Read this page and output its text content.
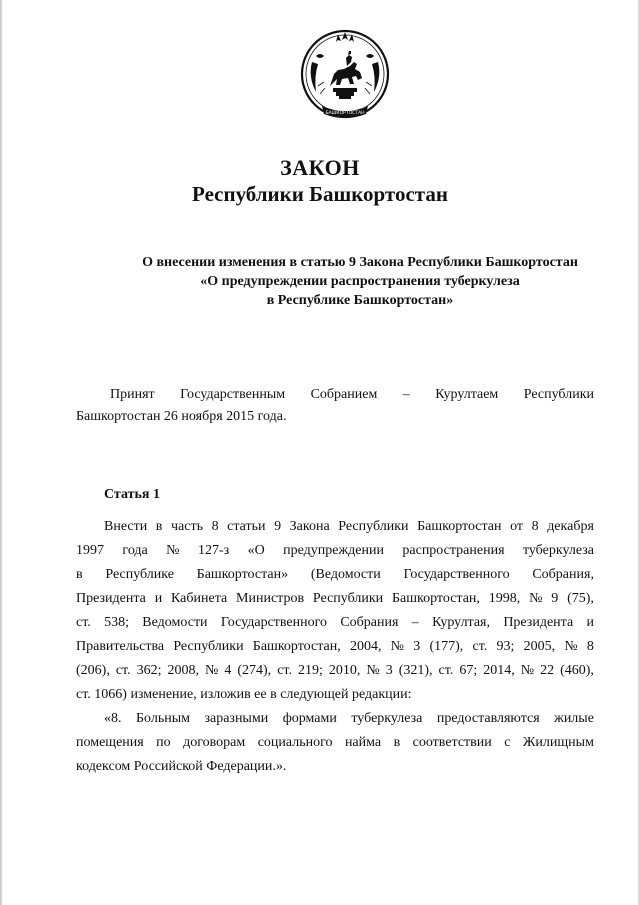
БАШКОРТОСТАН
ЗАКОН
Республики Башкортостан
О внесении изменения в статью 9 Закона Республики Башкортостан
«О предупреждении распространения туберкулеза
в Республике Башкортостан»
Принят Государственным Собранием – Курултаем Республики
Башкортостан 26 ноября 2015 года.
Статья 1
Внести в часть 8 статьи 9 Закона Республики Башкортостан от 8 декабря
1997 года № 127-з «О предупреждении распространения туберкулеза
в Республике Башкортостан» (Ведомости Государственного Собрания,
Президента и Кабинета Министров Республики Башкортостан, 1998, № 9 (75),
ст. 538; Ведомости Государственного Собрания – Курултая, Президента и
Правительства Республики Башкортостан, 2004, № 3 (177), ст. 93; 2005, № 8
(206), ст. 362; 2008, № 4 (274), ст. 219; 2010, № 3 (321), ст. 67; 2014, № 22 (460),
ст. 1066) изменение, изложив ее в следующей редакции:
«8. Больным заразными формами туберкулеза предоставляются жилые
помещения по договорам социального найма в соответствии с Жилищным
кодексом Российской Федерации.».
